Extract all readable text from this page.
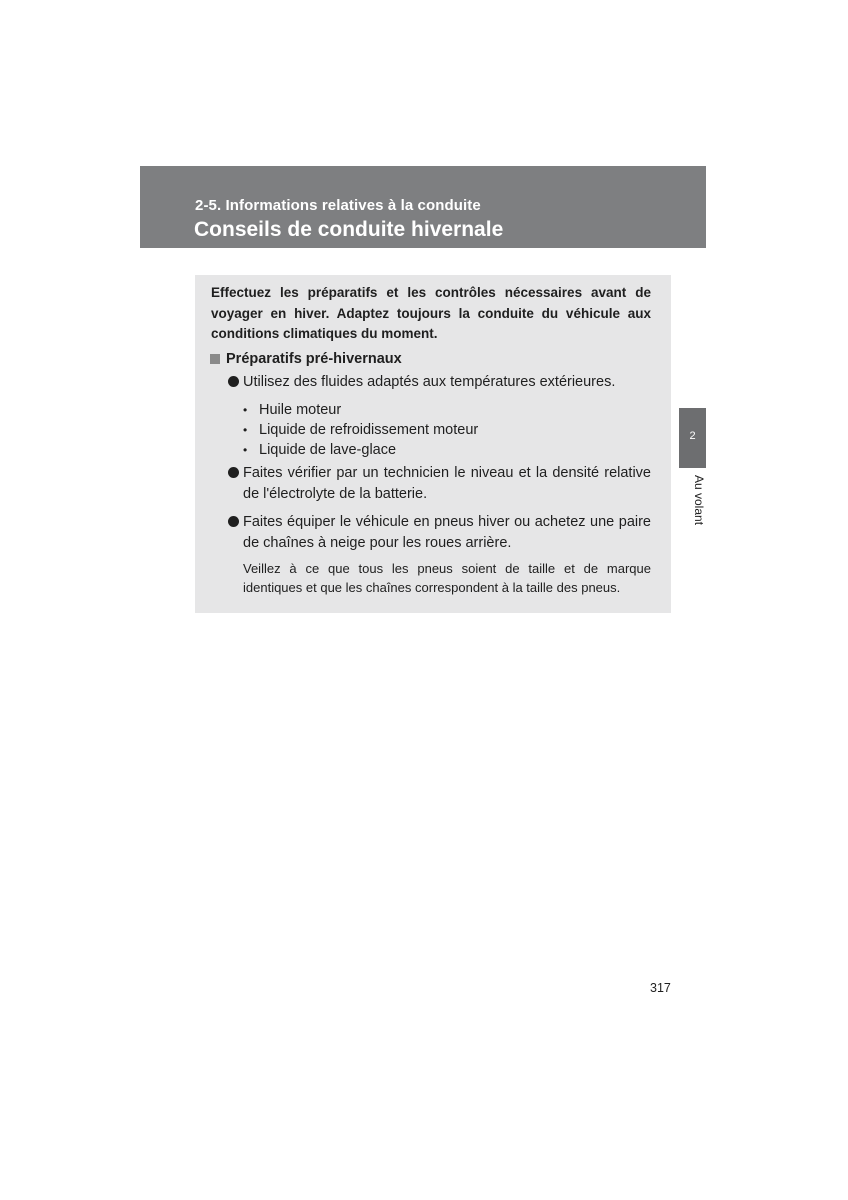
2-5. Informations relatives à la conduite
Conseils de conduite hivernale
Effectuez les préparatifs et les contrôles nécessaires avant de voyager en hiver. Adaptez toujours la conduite du véhicule aux conditions climatiques du moment.
Préparatifs pré-hivernaux
Utilisez des fluides adaptés aux températures extérieures.
• Huile moteur
• Liquide de refroidissement moteur
• Liquide de lave-glace
Faites vérifier par un technicien le niveau et la densité relative de l'électrolyte de la batterie.
Faites équiper le véhicule en pneus hiver ou achetez une paire de chaînes à neige pour les roues arrière.
Veillez à ce que tous les pneus soient de taille et de marque identiques et que les chaînes correspondent à la taille des pneus.
2
Au volant
317
